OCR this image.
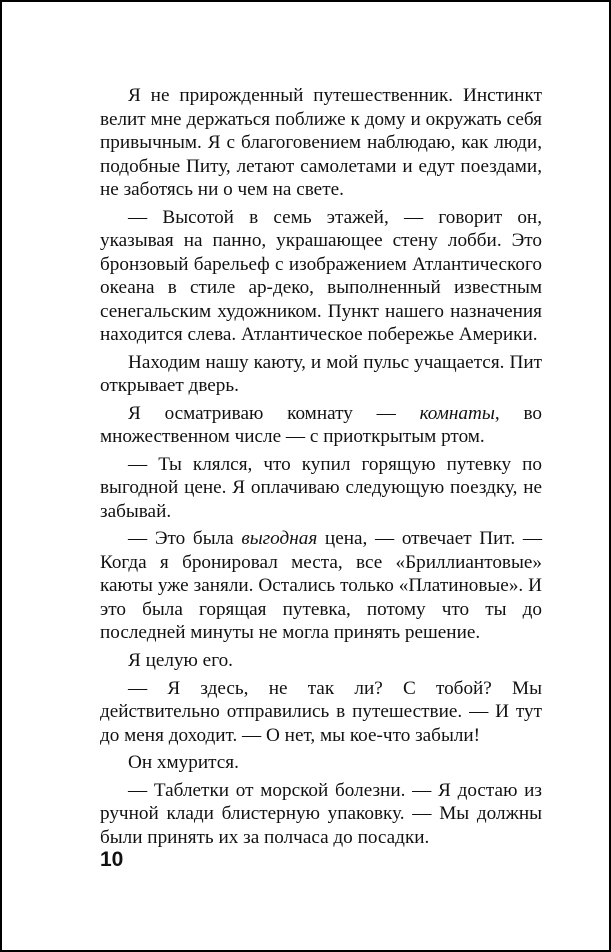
Я не прирожденный путешественник. Инстинкт велит мне держаться поближе к дому и окружать себя привычным. Я с благоговением наблюдаю, как люди, подобные Питу, летают самолетами и едут поездами, не заботясь ни о чем на свете.

— Высотой в семь этажей, — говорит он, указывая на панно, украшающее стену лобби. Это бронзовый барельеф с изображением Атлантического океана в стиле ар-деко, выполненный известным сенегальским художником. Пункт нашего назначения находится слева. Атлантическое побережье Америки.

Находим нашу каюту, и мой пульс учащается. Пит открывает дверь.

Я осматриваю комнату — комнаты, во множественном числе — с приоткрытым ртом.

— Ты клялся, что купил горящую путевку по выгодной цене. Я оплачиваю следующую поездку, не забывай.

— Это была выгодная цена, — отвечает Пит. — Когда я бронировал места, все «Бриллиантовые» каюты уже заняли. Остались только «Платиновые». И это была горящая путевка, потому что ты до последней минуты не могла принять решение.

Я целую его.

— Я здесь, не так ли? С тобой? Мы действительно отправились в путешествие. — И тут до меня доходит. — О нет, мы кое-что забыли!

Он хмурится.

— Таблетки от морской болезни. — Я достаю из ручной клади блистерную упаковку. — Мы должны были принять их за полчаса до посадки.

10
